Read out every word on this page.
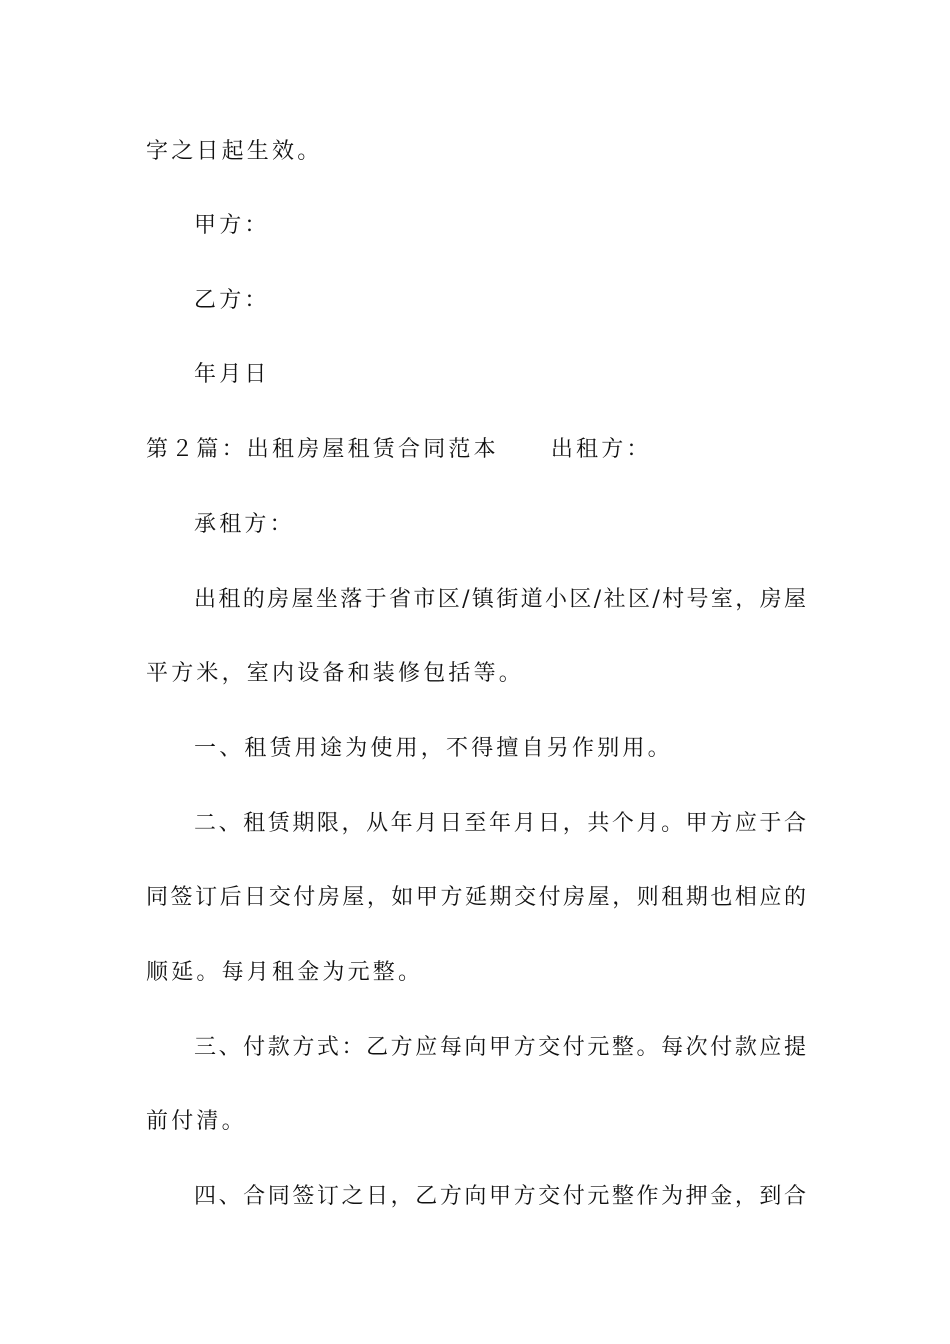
字之日起生效。
甲方：
乙方：
年月日
第２篇：出租房屋租赁合同范本 出租方：
承租方：
出租的房屋坐落于省市区/镇街道小区/社区/村号室，房屋
平方米，室内设备和装修包括等。
一、租赁用途为使用，不得擅自另作别用。
二、租赁期限，从年月日至年月日，共个月。甲方应于合
同签订后日交付房屋，如甲方延期交付房屋，则租期也相应的
顺延。每月租金为元整。
三、付款方式：乙方应每向甲方交付元整。每次付款应提
前付清。
四、合同签订之日，乙方向甲方交付元整作为押金，到合
